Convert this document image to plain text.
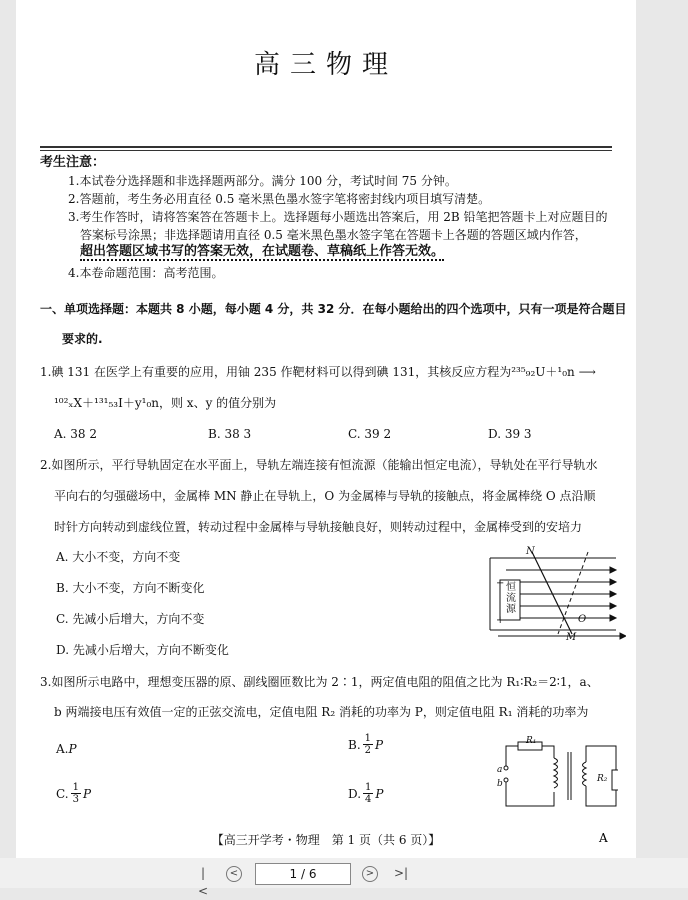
高三物理
考生注意：
1.本试卷分选择题和非选择题两部分。满分 100 分，考试时间 75 分钟。
2.答题前，考生务必用直径 0.5 毫米黑色墨水签字笔将密封线内项目填写清楚。
3.考生作答时，请将答案答在答题卡上。选择题每小题选出答案后，用 2B 铅笔把答题卡上对应题目的
答案标号涂黑；非选择题请用直径 0.5 毫米黑色墨水签字笔在答题卡上各题的答题区域内作答，
超出答题区域书写的答案无效，在试题卷、草稿纸上作答无效。
4.本卷命题范围：高考范围。
一、单项选择题：本题共 8 小题，每小题 4 分，共 32 分．在每小题给出的四个选项中，只有一项是符合题目
要求的.
1.碘 131 在医学上有重要的应用，用铀 235 作靶材料可以得到碘 131，其核反应方程为²³⁵₉₂U＋¹₀n ⟶
¹⁰²ₓX＋¹³¹₅₃I＋y¹₀n，则 x、y 的值分别为
A. 38 2	B. 38 3	C. 39 2	D. 39 3
2.如图所示，平行导轨固定在水平面上，导轨左端连接有恒流源（能输出恒定电流），导轨处在平行导轨水
平向右的匀强磁场中，金属棒 MN 静止在导轨上，O 为金属棒与导轨的接触点，将金属棒绕 O 点沿顺
时针方向转动到虚线位置，转动过程中金属棒与导轨接触良好，则转动过程中，金属棒受到的安培力
A. 大小不变，方向不变
B. 大小不变，方向不断变化
C. 先减小后增大，方向不变
D. 先减小后增大，方向不断变化
N
M
O
−
+
恒流源
3.如图所示电路中，理想变压器的原、副线圈匝数比为 2∶1，两定值电阻的阻值之比为 R₁∶R₂＝2∶1，a、
b 两端接电压有效值一定的正弦交流电，定值电阻 R₂ 消耗的功率为 P，则定值电阻 R₁ 消耗的功率为
A.P	B. 1
2 P
C. 1
3 P	D. 1
4 P
R₁
R₂
a
b
【高三开学考・物理　第 1 页（共 6 页）】	A
|<
<	1 / 6	>	>|
